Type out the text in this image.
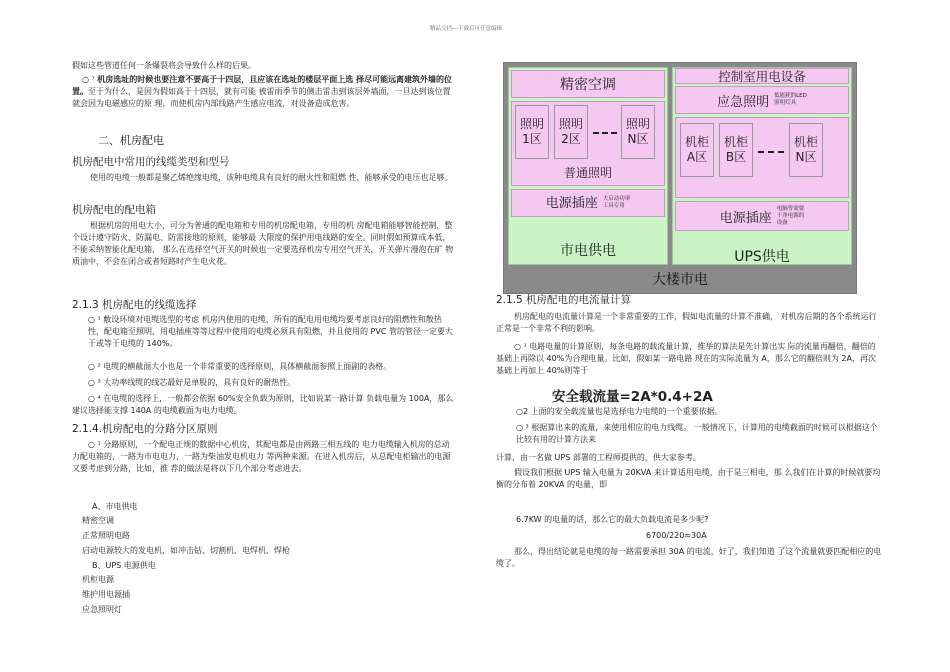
精品文档---下载后可任意编辑
假如这些管道任何一条爆裂将会导致什么样的后果。
○ ⁷ 机房选址的时候也要注意不要高于十四层，且应该在选址的楼层平面上选 择尽可能远离建筑外墙的位置。至于为什么，是因为假如高于十四层，就有可能 被雷雨季节的侧击雷击到该层外墙面，一旦达到该位置就会因为电磁感应的原 理，而使机房内部线路产生感应电流，对设备造成危害。
二、机房配电
机房配电中常用的线缆类型和型号
使用的电缆一般都是聚乙烯绝缘电缆，该种电缆具有良好的耐火性和阻燃 性，能够承受的电压也足够。
机房配电的配电箱
根据机房的用电大小，可分为普通的配电箱和专用的机房配电箱，专用的机 房配电箱能够智能控制，整个设计遵守防火、防漏电、防雷接地的原则，能够最 大限度的保护用电线路的安全。同时假如预算成本低，不能采纳智能化配电箱， 那么在选择空气开关的时候也一定要选择机房专用空气开关，开关弹片漫泡在矿 物质油中，不会在闭合或者短路时产生电火花。
2.1.3 机房配电的线缆选择
○ ¹ 敷设环境对电缆选型的考虑 机房内使用的电缆，所有的配电用电缆均要考虑良好的阻燃性和散热性，配电箱至照明、用电插座等等过程中使用的电缆必须具有阻燃，并且使用的 PVC 管的管径一定要大于或等于电缆的 140%。
○ ² 电缆的横截面大小也是一个非常重要的选择原则，具体横截面参照上面副的表格。
○ ³ 大功率线缆的线芯最好是单股的，具有良好的耐热性。
○ ⁴ 在电缆的选择上，一般都会依据 60%安全负载为原则，比如说某一路计算 负载电量为 100A，那么建议选择能支撑 140A 的电缆截面为电力电缆。
2.1.4.机房配电的分路分区原则
○ ¹ 分路原则，一个配电正规的数据中心机房，其配电都是由两路三相五线的 电力电缆输入机房的总动力配电箱的，一路为市电电力，一路为柴油发电机电力 等两种来源。在进入机房后，从总配电柜输出的电源又要考虑到分路，比如，推 荐的做法是将以下几个部分考虑进去。
A、市电供电
精密空调
正常照明电路
启动电源较大的发电机，如冲击钻、切割机、电焊机、焊枪
B、UPS 电源供电
机柜电源
维护用电源插
应急照明灯
精密空调
照明
1区
照明
2区
照明
N区
普通照明
电源插座 大启动功率
工具专用
市电供电
控制室用电设备
应急照明 低能耗的LED
照明灯具
机柜
A区
机柜
B区
机柜
N区
电源插座
电脑等需要
干净电源的
设备
UPS供电
大楼市电
2.1.5 机房配电的电流量计算
机房配电的电流量计算是一个非常重要的工作，假如电流量的计算不准确， 对机房后期的各个系统运行正常是一个非常不利的影响。
○ ¹ 电路电量的计算原则，每条电路的载流量计算，推举的算法是先计算出实 际的流量再翻倍，翻倍的基础上再除以 40%为合理电量。比如，假如某一路电路 现在的实际流量为 A，那么它的翻倍则为 2A，再次基础上再加上 40%则等于
安全载流量=2A*0.4+2A
○2 上面的安全载流量也是选择电力电缆的一个重要依据。
○ ³ 根据算出来的流量，来使用相应的电力线缆。 一般情况下，计算用的电缆截面的时候可以根据这个比较有用的计算方法来
计算，由一名做 UPS 部署的工程师提供的，供大家参考。
假设我们根据 UPS 输入电量为 20KVA 来计算适用电缆，由于是三相电，那 么我们在计算的时候就要均衡的分布着 20KVA 的电量，即
6.7KW 的电量的话，那么它的最大负载电流是多少呢?
6700/220≈30A
那么，得出结论就是电缆的每一路需要承担 30A 的电流，好了，我们知道 了这个流量就要匹配相应的电缆了。
